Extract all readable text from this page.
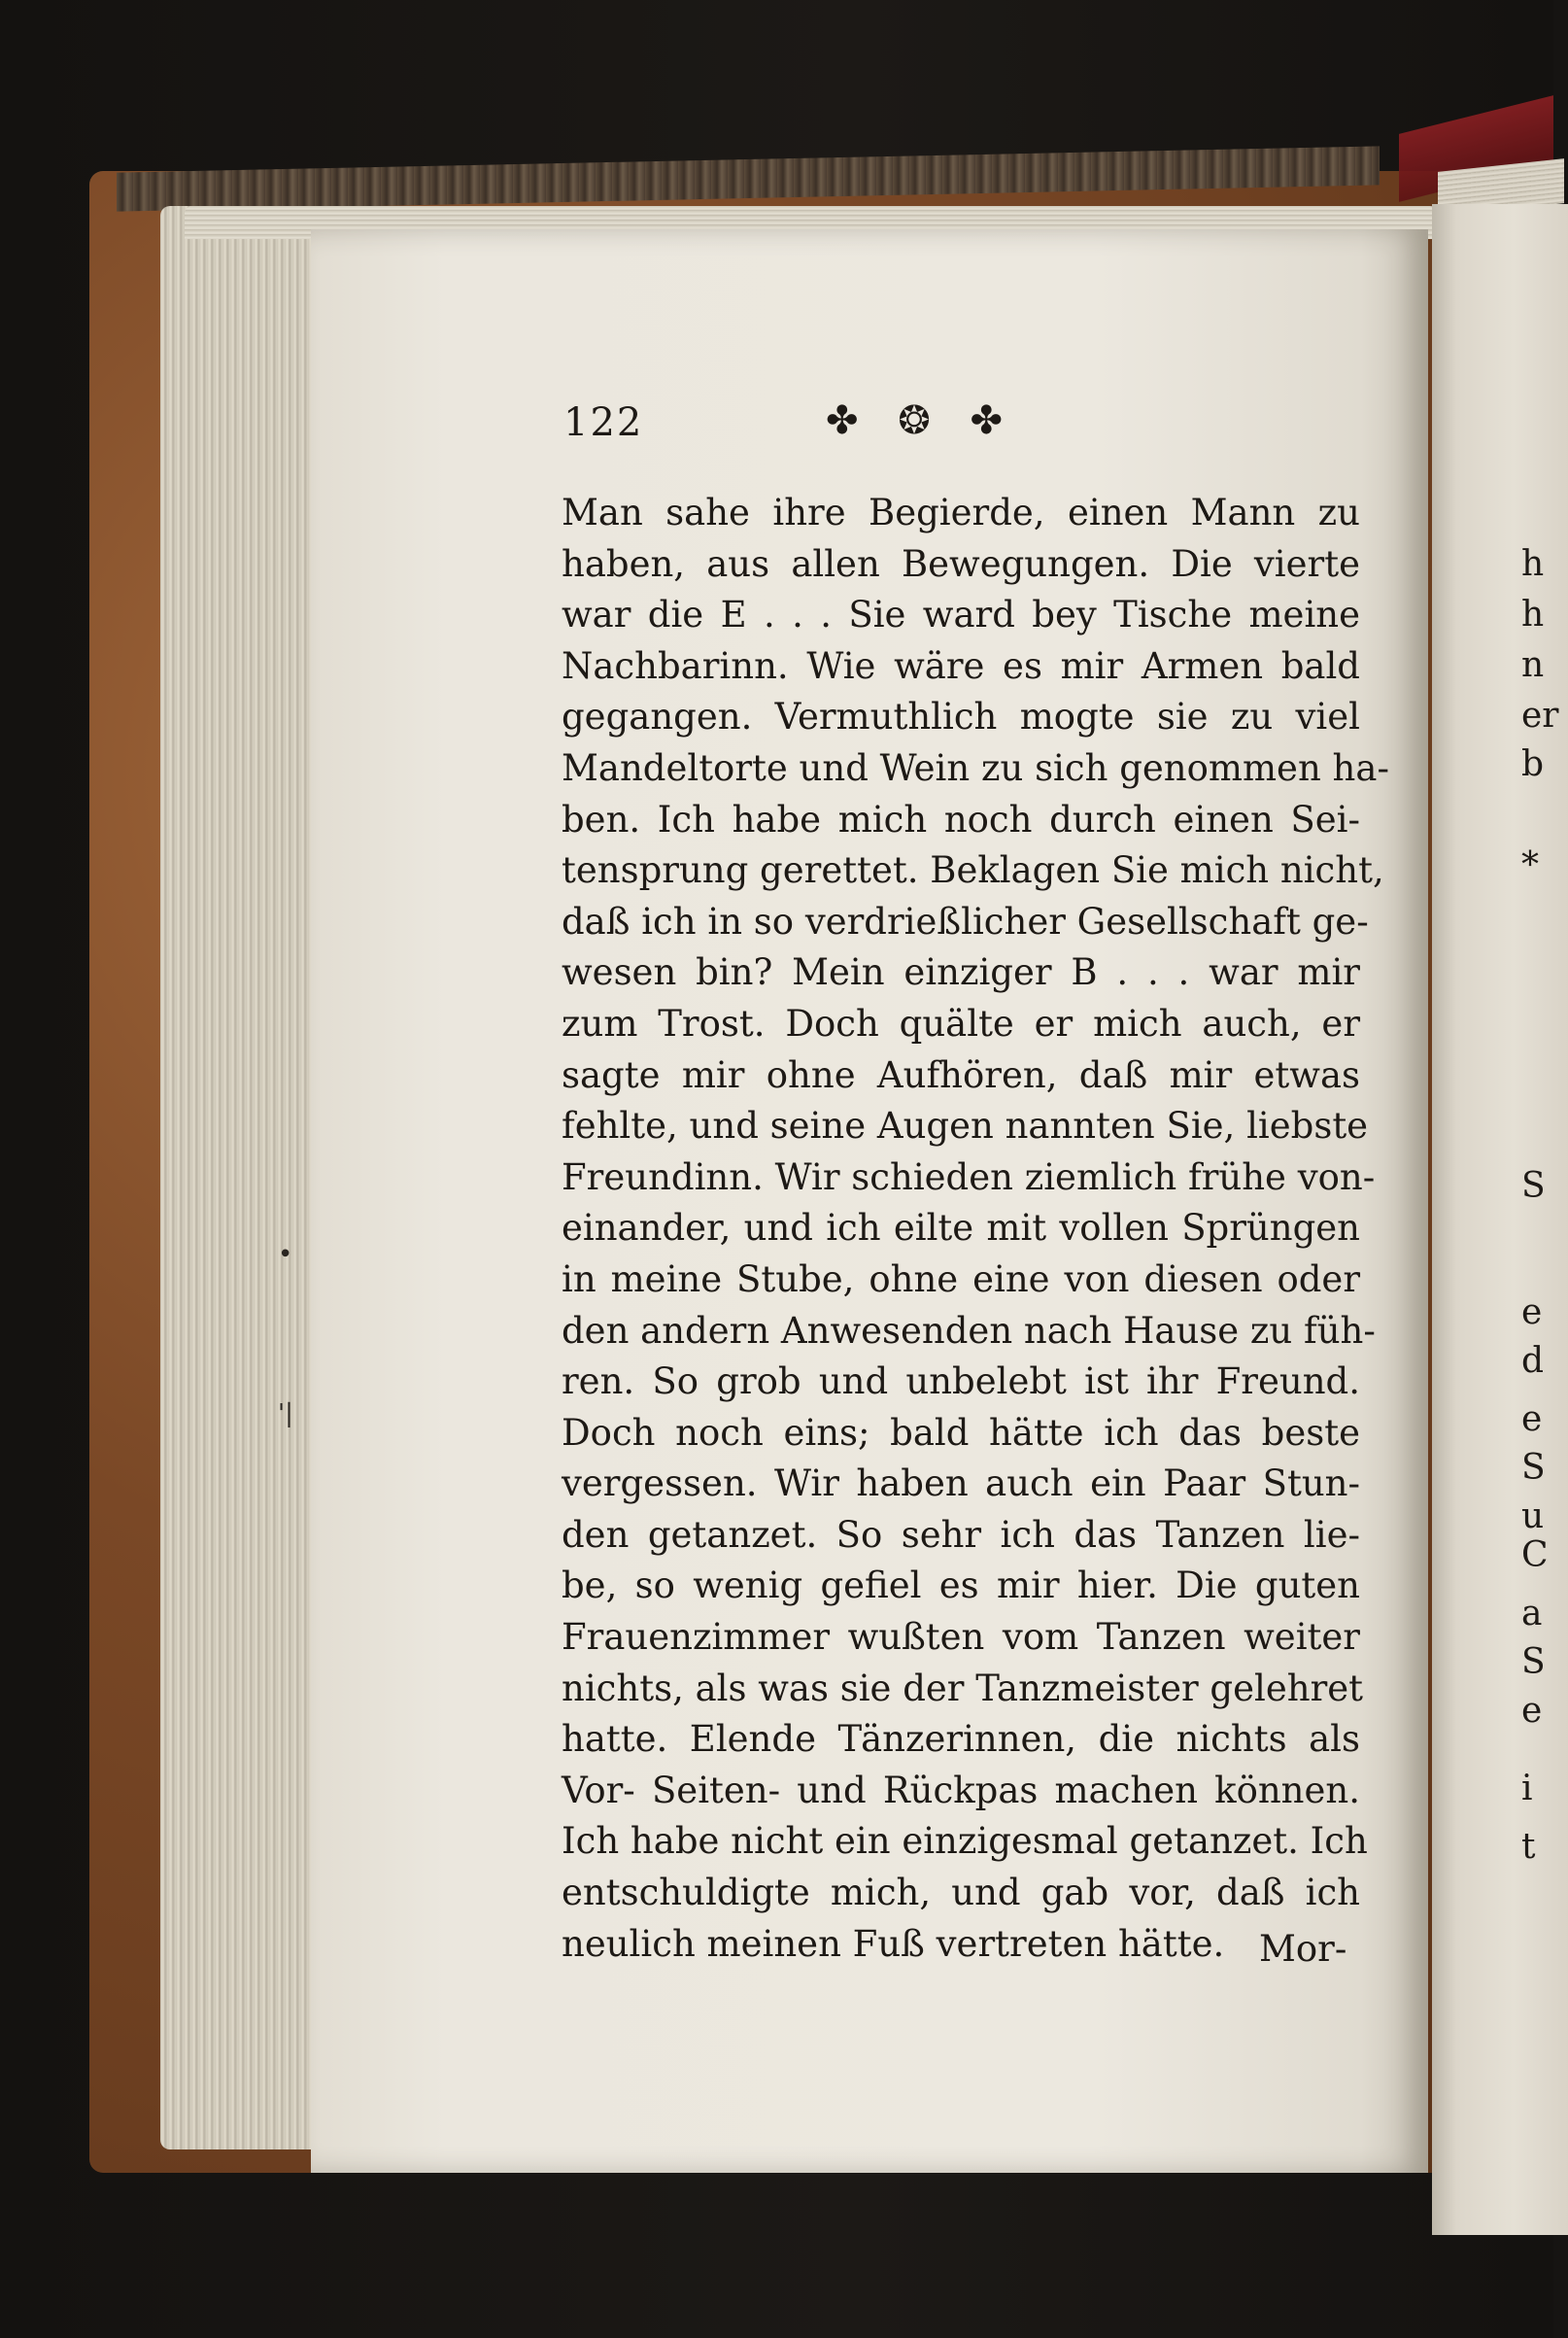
122	✤ ❂ ✤
Man sahe ihre Begierde, einen Mann zu
haben, aus allen Bewegungen. Die vierte
war die E . . . Sie ward bey Tische meine
Nachbarinn. Wie wäre es mir Armen bald
gegangen. Vermuthlich mogte sie zu viel
Mandeltorte und Wein zu sich genommen ha-
ben. Ich habe mich noch durch einen Sei-
tensprung gerettet. Beklagen Sie mich nicht,
daß ich in so verdrießlicher Gesellschaft ge-
wesen bin? Mein einziger B . . . war mir
zum Trost. Doch quälte er mich auch, er
sagte mir ohne Aufhören, daß mir etwas
fehlte, und seine Augen nannten Sie, liebste
Freundinn. Wir schieden ziemlich frühe von-
einander, und ich eilte mit vollen Sprüngen
in meine Stube, ohne eine von diesen oder
den andern Anwesenden nach Hause zu füh-
ren. So grob und unbelebt ist ihr Freund.
Doch noch eins; bald hätte ich das beste
vergessen. Wir haben auch ein Paar Stun-
den getanzet. So sehr ich das Tanzen lie-
be, so wenig gefiel es mir hier. Die guten
Frauenzimmer wußten vom Tanzen weiter
nichts, als was sie der Tanzmeister gelehret
hatte. Elende Tänzerinnen, die nichts als
Vor- Seiten- und Rückpas machen können.
Ich habe nicht ein einzigesmal getanzet. Ich
entschuldigte mich, und gab vor, daß ich
neulich meinen Fuß vertreten hätte. Mor-
•
'|
h
h
n
er
b
*
S
e
d
e
S
u
C
a
S
e
i
t
